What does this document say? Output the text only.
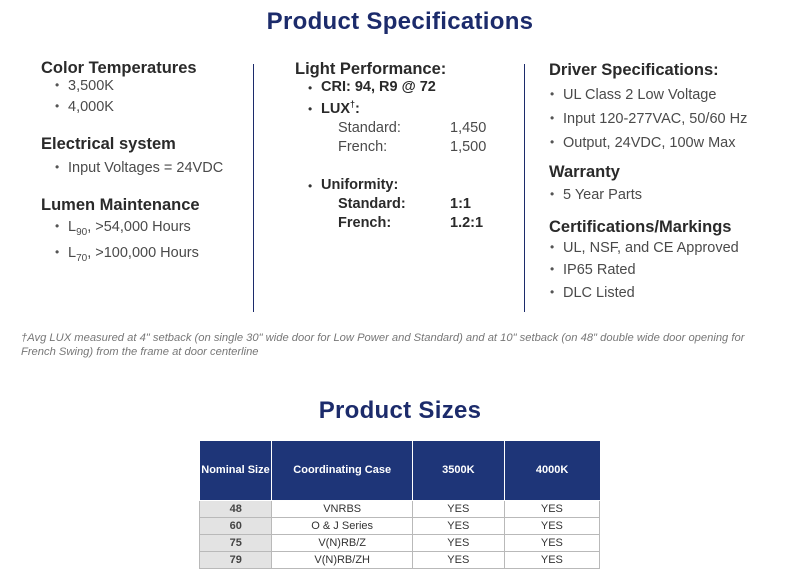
Product Specifications
Color Temperatures
• 3,500K
• 4,000K
Electrical system
• Input Voltages = 24VDC
Lumen Maintenance
• $L_{90}$, >54,000 Hours
• $L_{70}$, >100,000 Hours
Light Performance:
• CRI: 94, R9 @ 72
• LUX†:
Standard:	1,450
French:	1,500
• Uniformity:
Standard:	1:1
French:	1.2:1
Driver Specifications:
• UL Class 2 Low Voltage
• Input 120-277VAC, 50/60 Hz
• Output, 24VDC, 100w Max
Warranty
• 5 Year Parts
Certifications/Markings
• UL, NSF, and CE Approved
• IP65 Rated
• DLC Listed
†Avg LUX measured at 4" setback (on single 30" wide door for Low Power and Standard) and at 10" setback (on 48" double wide door opening for French Swing) from the frame at door centerline
Product Sizes
Nominal Size	Coordinating Case	3500K	4000K
48	VNRBS	YES	YES
60	O & J Series	YES	YES
75	V(N)RB/Z	YES	YES
79	V(N)RB/ZH	YES	YES
